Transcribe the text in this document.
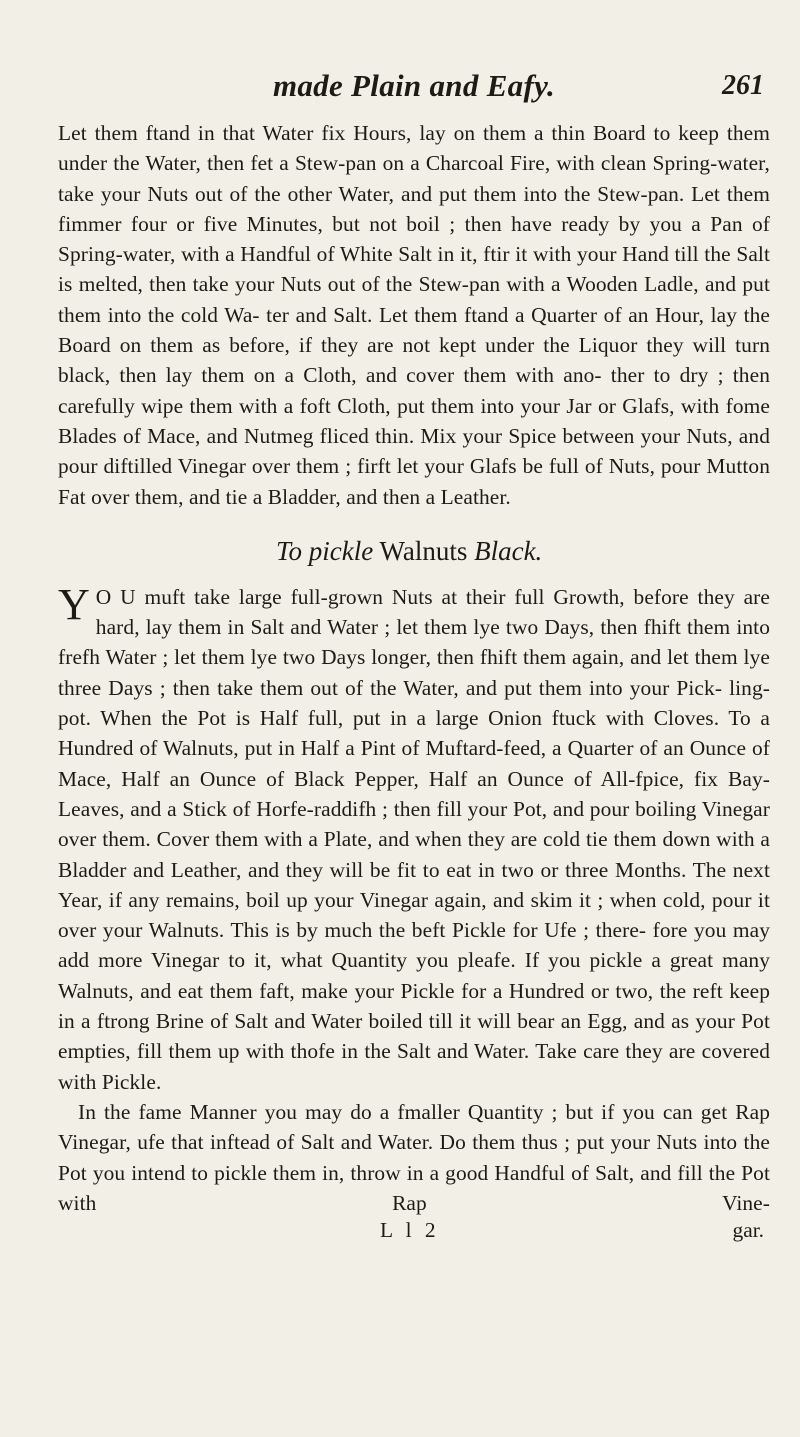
made Plain and Eafy.	261

Let them ftand in that Water fix Hours, lay on them a thin Board to keep them under the Water, then fet a Stew-pan on a Charcoal Fire, with clean Spring-water, take your Nuts out of the other Water, and put them into the Stew-pan. Let them fimmer four or five Minutes, but not boil ; then have ready by you a Pan of Spring-water, with a Handful of White Salt in it, ftir it with your Hand till the Salt is melted, then take your Nuts out of the Stew-pan with a Wooden Ladle, and put them into the cold Wa- ter and Salt. Let them ftand a Quarter of an Hour, lay the Board on them as before, if they are not kept under the Liquor they will turn black, then lay them on a Cloth, and cover them with ano- ther to dry ; then carefully wipe them with a foft Cloth, put them into your Jar or Glafs, with fome Blades of Mace, and Nutmeg fliced thin. Mix your Spice between your Nuts, and pour diftilled Vinegar over them ; firft let your Glafs be full of Nuts, pour Mutton Fat over them, and tie a Bladder, and then a Leather.

To pickle Walnuts Black.
Y O U muft take large full-grown Nuts at their full Growth, before they are hard, lay them in Salt and Water ; let them lye two Days, then fhift them into frefh Water ; let them lye two Days longer, then fhift them again, and let them lye three Days ; then take them out of the Water, and put them into your Pick- ling-pot. When the Pot is Half full, put in a large Onion ftuck with Cloves. To a Hundred of Walnuts, put in Half a Pint of Muftard-feed, a Quarter of an Ounce of Mace, Half an Ounce of Black Pepper, Half an Ounce of All-fpice, fix Bay-Leaves, and a Stick of Horfe-raddifh ; then fill your Pot, and pour boiling Vinegar over them. Cover them with a Plate, and when they are cold tie them down with a Bladder and Leather, and they will be fit to eat in two or three Months. The next Year, if any remains, boil up your Vinegar again, and skim it ; when cold, pour it over your Walnuts. This is by much the beft Pickle for Ufe ; there- fore you may add more Vinegar to it, what Quantity you pleafe. If you pickle a great many Walnuts, and eat them faft, make your Pickle for a Hundred or two, the reft keep in a ftrong Brine of Salt and Water boiled till it will bear an Egg, and as your Pot empties, fill them up with thofe in the Salt and Water. Take care they are covered with Pickle.

In the fame Manner you may do a fmaller Quantity ; but if you can get Rap Vinegar, ufe that inftead of Salt and Water. Do them thus ; put your Nuts into the Pot you intend to pickle them in, throw in a good Handful of Salt, and fill the Pot with Rap Vine-

L l 2	gar.
